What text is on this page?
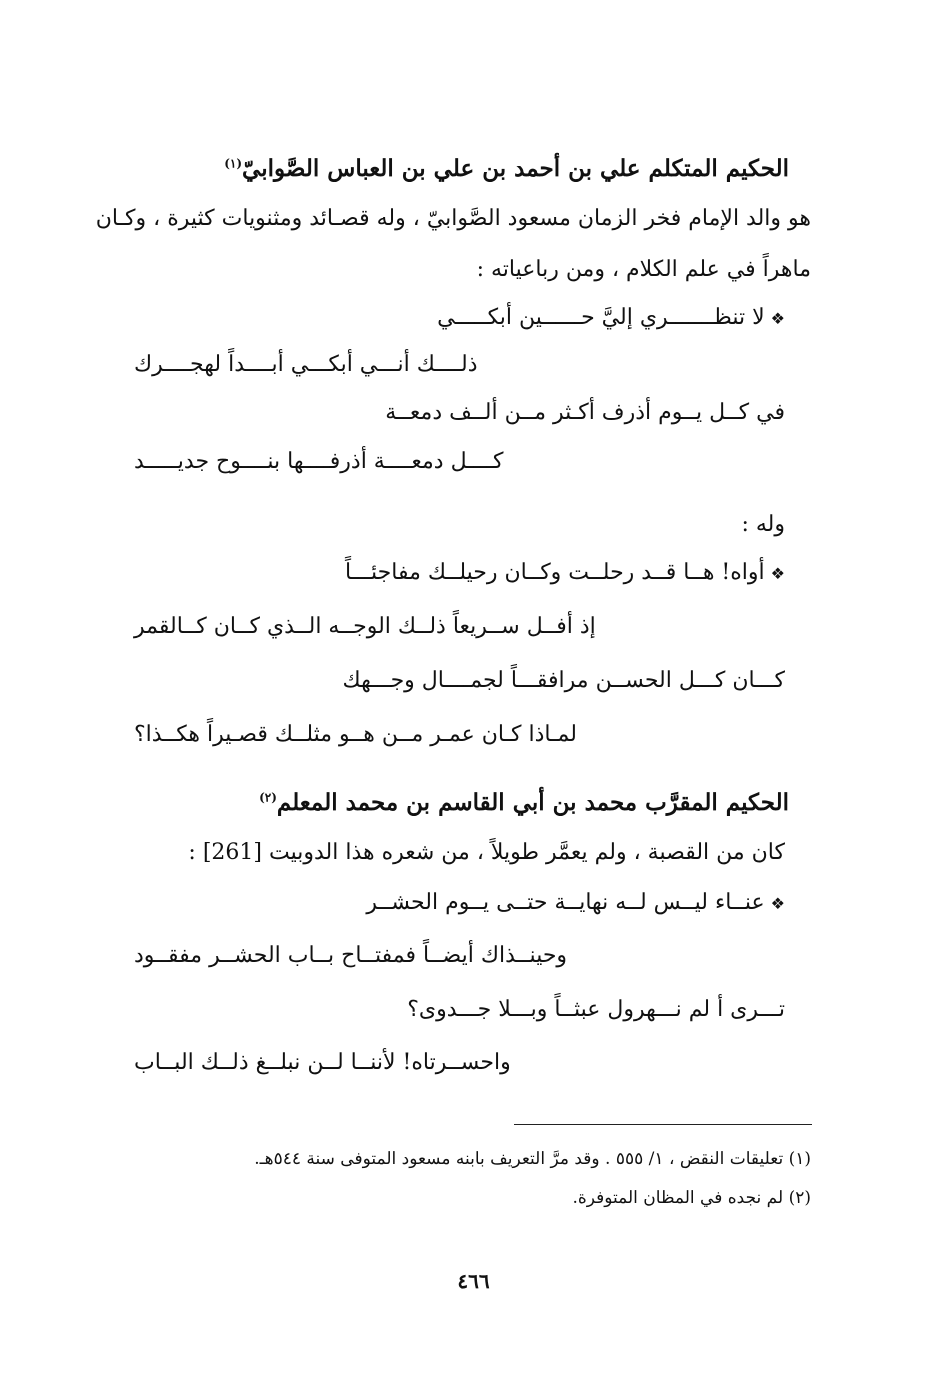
الحكيم المتكلم علي بن أحمد بن علي بن العباس الصَّوابيّ$^{(١)}$
هو والد الإمام فخر الزمان مسعود الصَّوابيّ ، وله قصـائد ومثنويات كثيرة ، وكـان
ماهراً في علم الكلام ، ومن رباعياته :
❖لا تنظـــــــري إليَّ حــــــين أبكـــــي
ذلــــك أنـــي أبكـــي أبــــداً لهجــــرك
في كــل يــوم أذرف أكـثر مــن ألــف دمعــة
كــــل دمعــــة أذرفــــها بنــــوح جديـــــد
وله :
❖أواه! هــا قــد رحلــت وكــان رحيلــك مفاجئـــاً
إذ أفــل ســريعاً ذلــك الوجــه الــذي كــان كــالقمر
كـــان كـــل الحســن مرافقـــاً لجمــــال وجـــهك
لمـاذا كـان عمـر مــن هــو مثلــك قصـيراً هكــذا؟
الحكيم المقرَّب محمد بن أبي القاسم بن محمد المعلم$^{(٢)}$
كان من القصبة ، ولم يعمَّر طويلاً ، من شعره هذا الدوبيت [261] :
❖عنــاء ليــس لــه نهايــة حتــى يــوم الحشــر
وحينــذاك أيضــاً فمفتــاح بــاب الحشــر مفقــود
تـــرى أ لم نـــهرول عبثــاً وبـــلا جـــدوى؟
واحســرتاه! لأننــا لــن نبلــغ ذلــك البــاب
(١) تعليقات النقض ، ١/ ٥٥٥ . وقد مرَّ التعريف بابنه مسعود المتوفى سنة ٥٤٤هـ.
(٢) لم نجده في المظان المتوفرة.
٤٦٦
